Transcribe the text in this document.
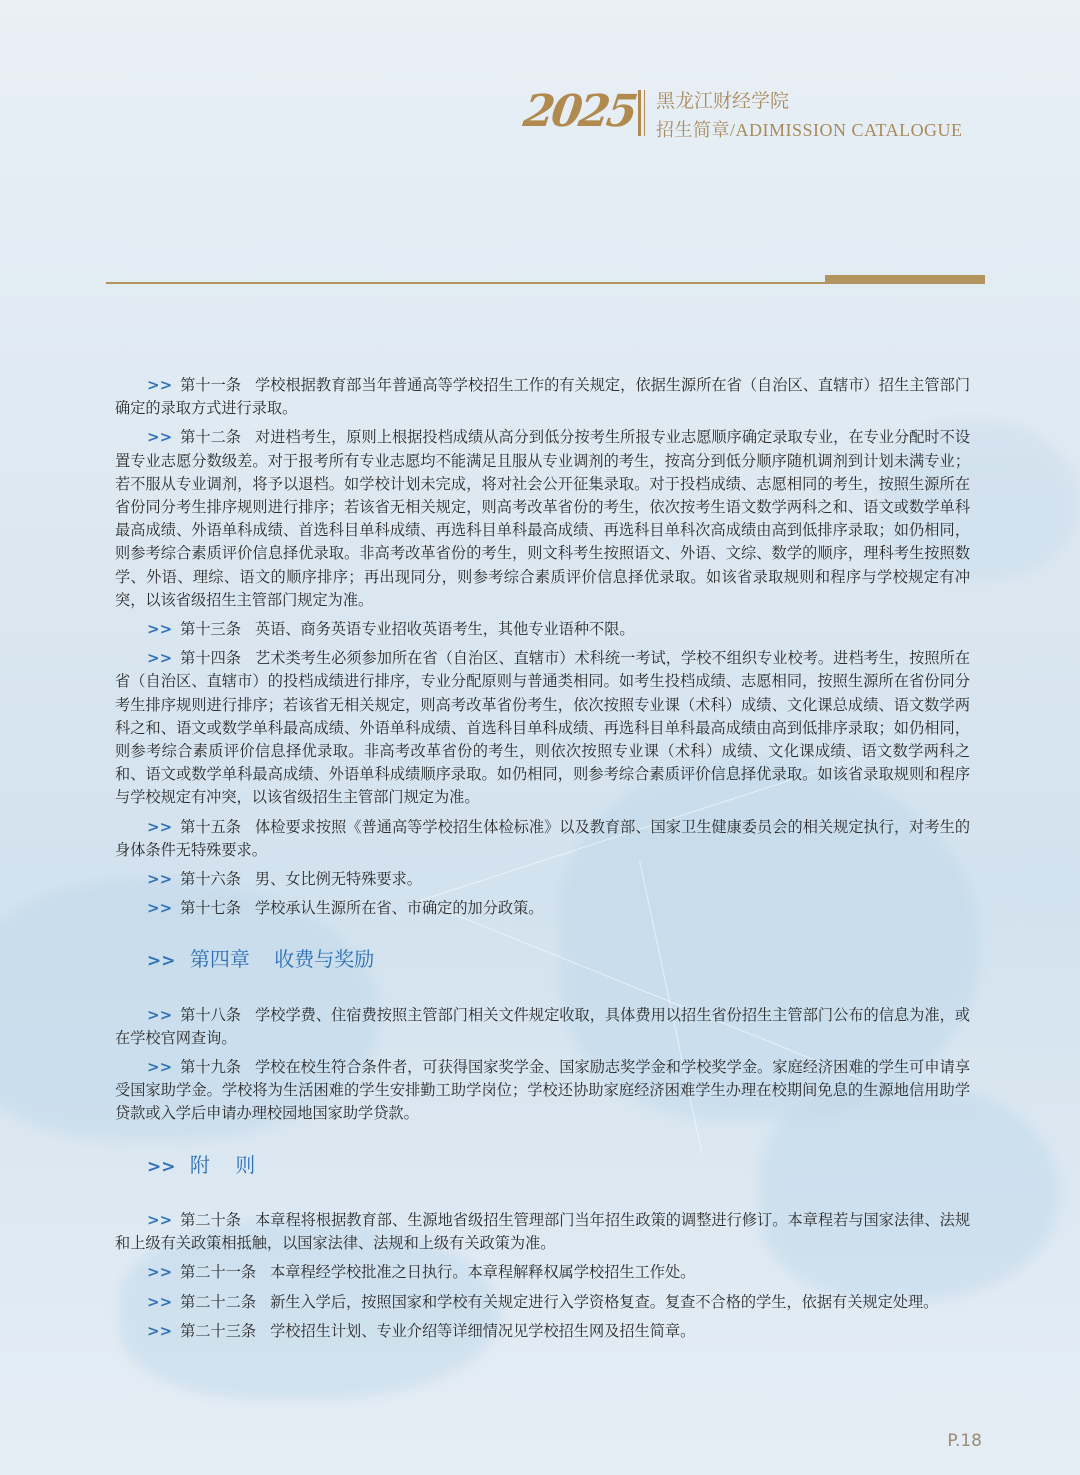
2025 黑龙江财经学院
招生简章/ADIMISSION CATALOGUE

>> 第十一条 学校根据教育部当年普通高等学校招生工作的有关规定，依据生源所在省（自治区、直辖市）招生主管部门确定的录取方式进行录取。

>> 第十二条 对进档考生，原则上根据投档成绩从高分到低分按考生所报专业志愿顺序确定录取专业，在专业分配时不设置专业志愿分数级差。对于报考所有专业志愿均不能满足且服从专业调剂的考生，按高分到低分顺序随机调剂到计划未满专业；若不服从专业调剂，将予以退档。如学校计划未完成，将对社会公开征集录取。对于投档成绩、志愿相同的考生，按照生源所在省份同分考生排序规则进行排序；若该省无相关规定，则高考改革省份的考生，依次按考生语文数学两科之和、语文或数学单科最高成绩、外语单科成绩、首选科目单科成绩、再选科目单科最高成绩、再选科目单科次高成绩由高到低排序录取；如仍相同，则参考综合素质评价信息择优录取。非高考改革省份的考生，则文科考生按照语文、外语、文综、数学的顺序，理科考生按照数学、外语、理综、语文的顺序排序；再出现同分，则参考综合素质评价信息择优录取。如该省录取规则和程序与学校规定有冲突，以该省级招生主管部门规定为准。

>> 第十三条 英语、商务英语专业招收英语考生，其他专业语种不限。

>> 第十四条 艺术类考生必须参加所在省（自治区、直辖市）术科统一考试，学校不组织专业校考。进档考生，按照所在省（自治区、直辖市）的投档成绩进行排序，专业分配原则与普通类相同。如考生投档成绩、志愿相同，按照生源所在省份同分考生排序规则进行排序；若该省无相关规定，则高考改革省份考生，依次按照专业课（术科）成绩、文化课总成绩、语文数学两科之和、语文或数学单科最高成绩、外语单科成绩、首选科目单科成绩、再选科目单科最高成绩由高到低排序录取；如仍相同，则参考综合素质评价信息择优录取。非高考改革省份的考生，则依次按照专业课（术科）成绩、文化课成绩、语文数学两科之和、语文或数学单科最高成绩、外语单科成绩顺序录取。如仍相同，则参考综合素质评价信息择优录取。如该省录取规则和程序与学校规定有冲突，以该省级招生主管部门规定为准。

>> 第十五条 体检要求按照《普通高等学校招生体检标准》以及教育部、国家卫生健康委员会的相关规定执行，对考生的身体条件无特殊要求。

>> 第十六条 男、女比例无特殊要求。

>> 第十七条 学校承认生源所在省、市确定的加分政策。

>> 第四章 收费与奖励

>> 第十八条 学校学费、住宿费按照主管部门相关文件规定收取，具体费用以招生省份招生主管部门公布的信息为准，或在学校官网查询。

>> 第十九条 学校在校生符合条件者，可获得国家奖学金、国家励志奖学金和学校奖学金。家庭经济困难的学生可申请享受国家助学金。学校将为生活困难的学生安排勤工助学岗位；学校还协助家庭经济困难学生办理在校期间免息的生源地信用助学贷款或入学后申请办理校园地国家助学贷款。

>> 附    则

>> 第二十条 本章程将根据教育部、生源地省级招生管理部门当年招生政策的调整进行修订。本章程若与国家法律、法规和上级有关政策相抵触，以国家法律、法规和上级有关政策为准。

>> 第二十一条 本章程经学校批准之日执行。本章程解释权属学校招生工作处。

>> 第二十二条 新生入学后，按照国家和学校有关规定进行入学资格复查。复查不合格的学生，依据有关规定处理。

>> 第二十三条 学校招生计划、专业介绍等详细情况见学校招生网及招生简章。

P.18
